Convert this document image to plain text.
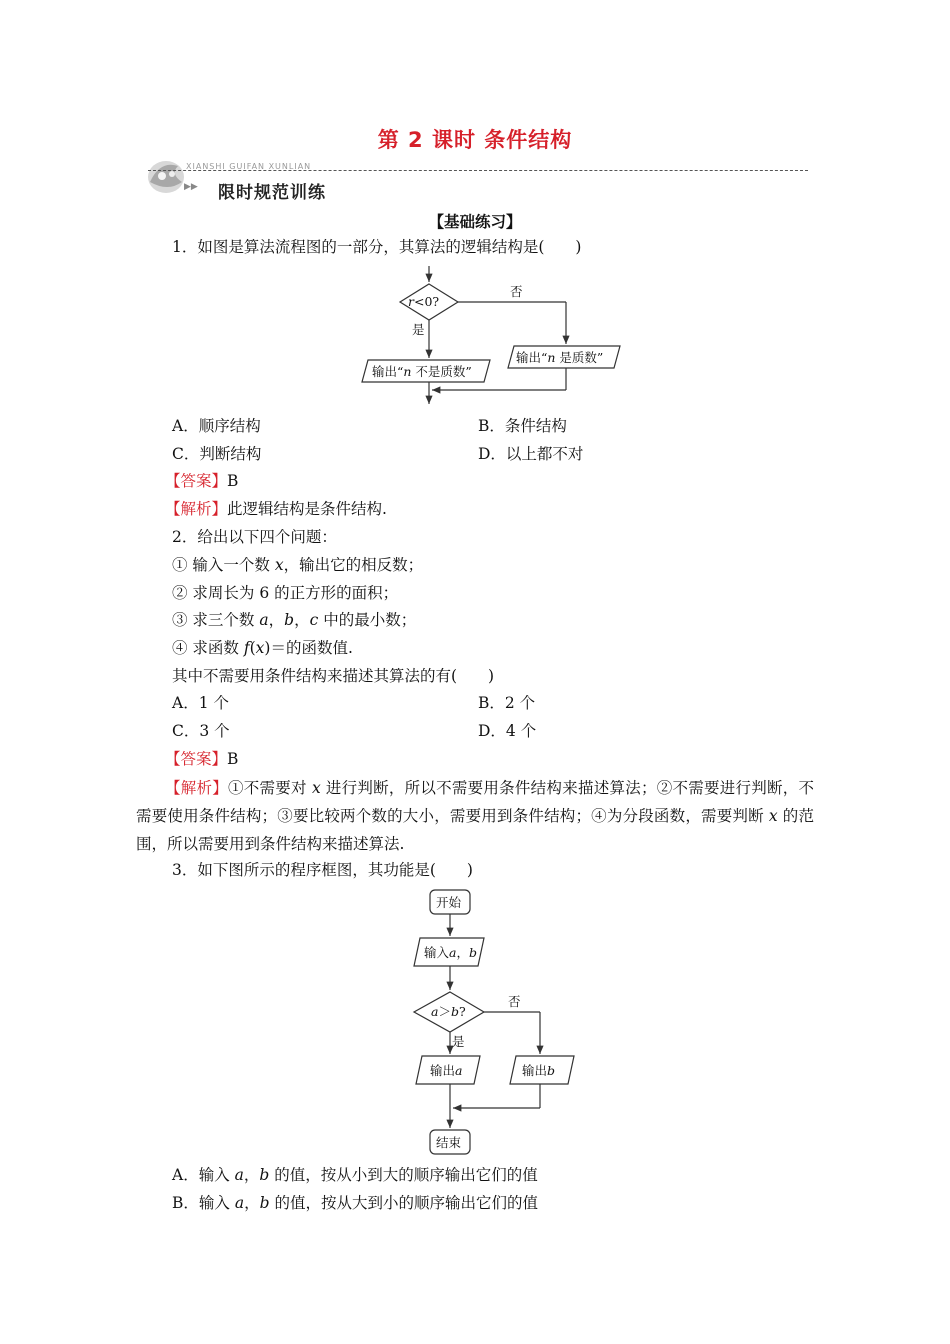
第 2 课时 条件结构
XIANSHI GUIFAN XUNLIAN
▶▶ 限时规范训练
【基础练习】
1．如图是算法流程图的一部分，其算法的逻辑结构是(　　)
r<0?
否
是
输出“n 不是质数”
输出“n 是质数”
A．顺序结构	B．条件结构
C．判断结构	D．以上都不对
【答案】B
【解析】此逻辑结构是条件结构.
2．给出以下四个问题：
① 输入一个数 x，输出它的相反数；
② 求周长为 6 的正方形的面积；
③ 求三个数 a，b，c 中的最小数；
④ 求函数 f(x)＝的函数值.
其中不需要用条件结构来描述其算法的有(　　)
A．1 个	B．2 个
C．3 个	D．4 个
【答案】B
【解析】①不需要对 x 进行判断，所以不需要用条件结构来描述算法；②不需要进行判断，不需要使用条件结构；③要比较两个数的大小，需要用到条件结构；④为分段函数，需要判断 x 的范围，所以需要用到条件结构来描述算法.
3．如下图所示的程序框图，其功能是(　　)
开始
输入a，b
a＞b?
否
是
输出a	输出b
结束
A．输入 a，b 的值，按从小到大的顺序输出它们的值
B．输入 a，b 的值，按从大到小的顺序输出它们的值
